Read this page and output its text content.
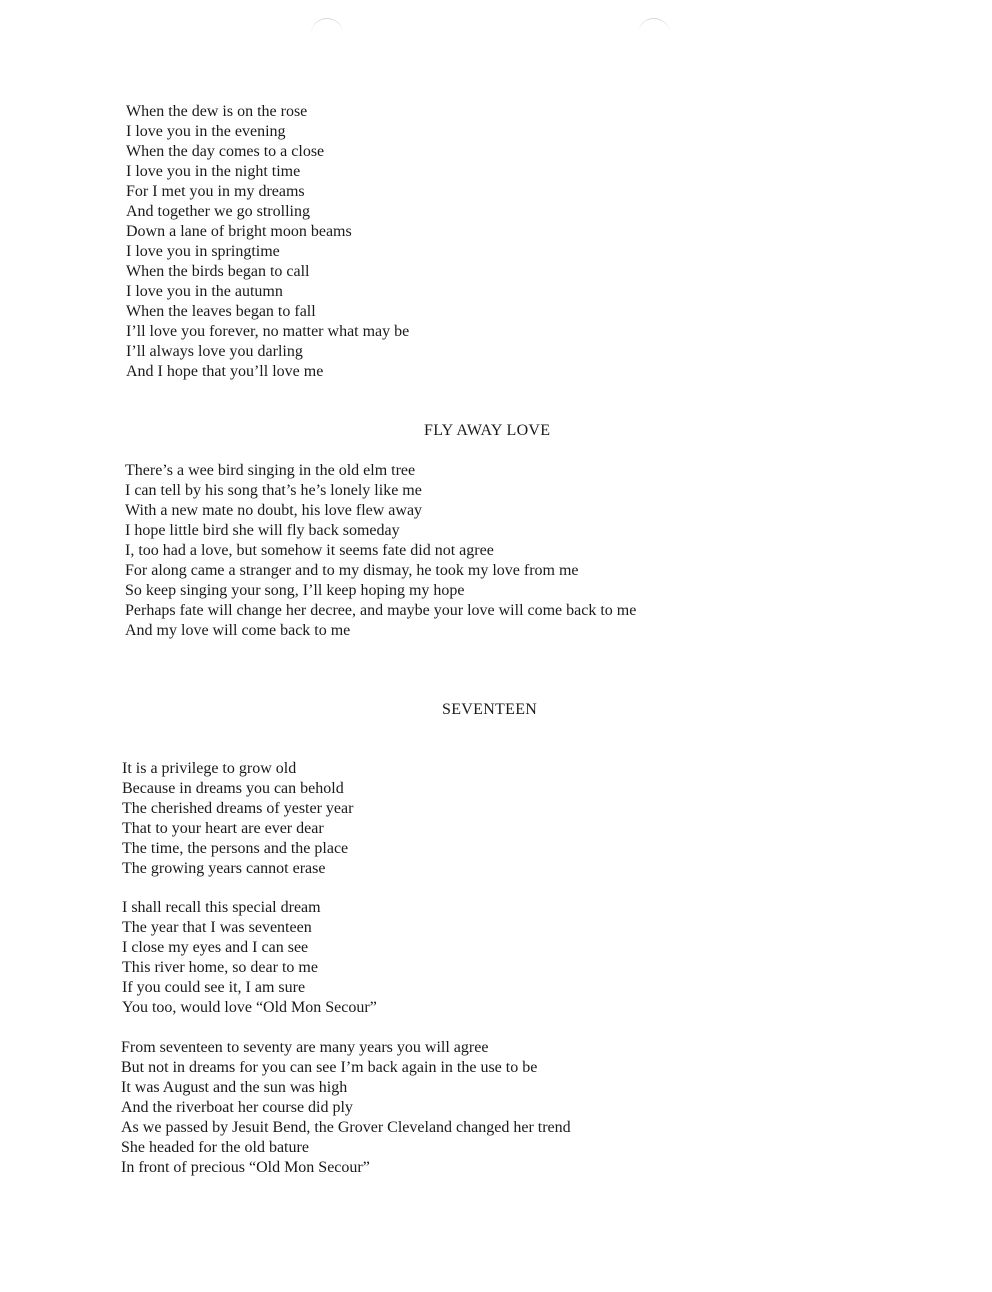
When the dew is on the rose
I love you in the evening
When the day comes to a close
I love you in the night time
For I met you in my dreams
And together we go strolling
Down a lane of bright moon beams
I love you in springtime
When the birds began to call
I love you in the autumn
When the leaves began to fall
I’ll love you forever, no matter what may be
I’ll always love you darling
And I hope that you’ll love me
FLY AWAY LOVE
There’s a wee bird singing in the old elm tree
I can tell by his song that’s he’s lonely like me
With a new mate no doubt, his love flew away
I hope little bird she will fly back someday
I, too had a love, but somehow it seems fate did not agree
For along came a stranger and to my dismay, he took my love from me
So keep singing your song, I’ll keep hoping my hope
Perhaps fate will change her decree, and maybe your love will come back to me
And my love will come back to me
SEVENTEEN
It is a privilege to grow old
Because in dreams you can behold
The cherished dreams of yester year
That to your heart are ever dear
The time, the persons and the place
The growing years cannot erase
I shall recall this special dream
The year that I was seventeen
I close my eyes and I can see
This river home, so dear to me
If you could see it, I am sure
You too, would love “Old Mon Secour”
From seventeen to seventy are many years you will agree
But not in dreams for you can see I’m back again in the use to be
It was August and the sun was high
And the riverboat her course did ply
As we passed by Jesuit Bend, the Grover Cleveland changed her trend
She headed for the old bature
In front of precious “Old Mon Secour”
